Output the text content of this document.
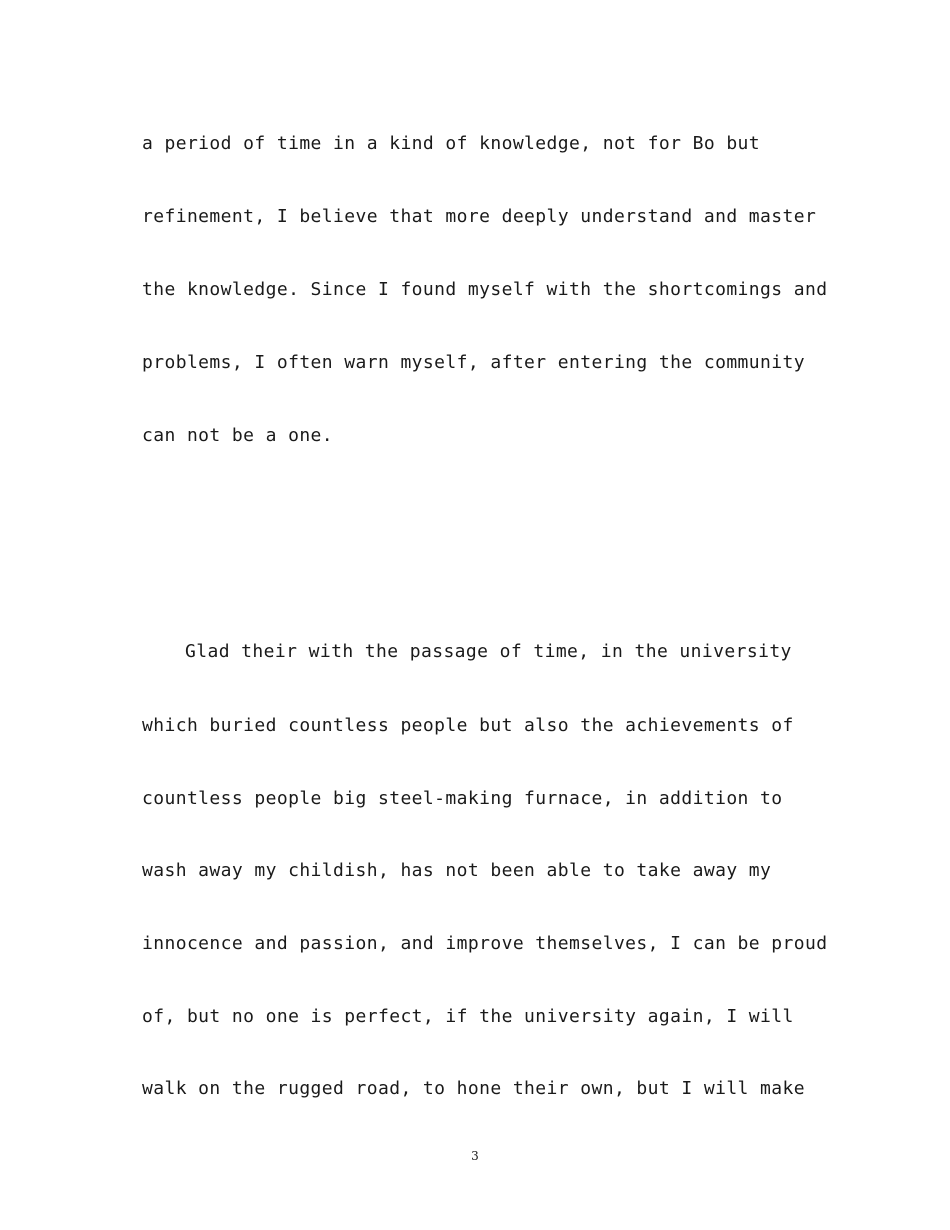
a period of time in a kind of knowledge, not for Bo but

refinement, I believe that more deeply understand and master

the knowledge. Since I found myself with the shortcomings and

problems, I often warn myself, after entering the community

can not be a one.

Glad their with the passage of time, in the university

which buried countless people but also the achievements of

countless people big steel-making furnace, in addition to

wash away my childish, has not been able to take away my

innocence and passion, and improve themselves, I can be proud

of, but no one is perfect, if the university again, I will

walk on the rugged road, to hone their own, but I will make

3
